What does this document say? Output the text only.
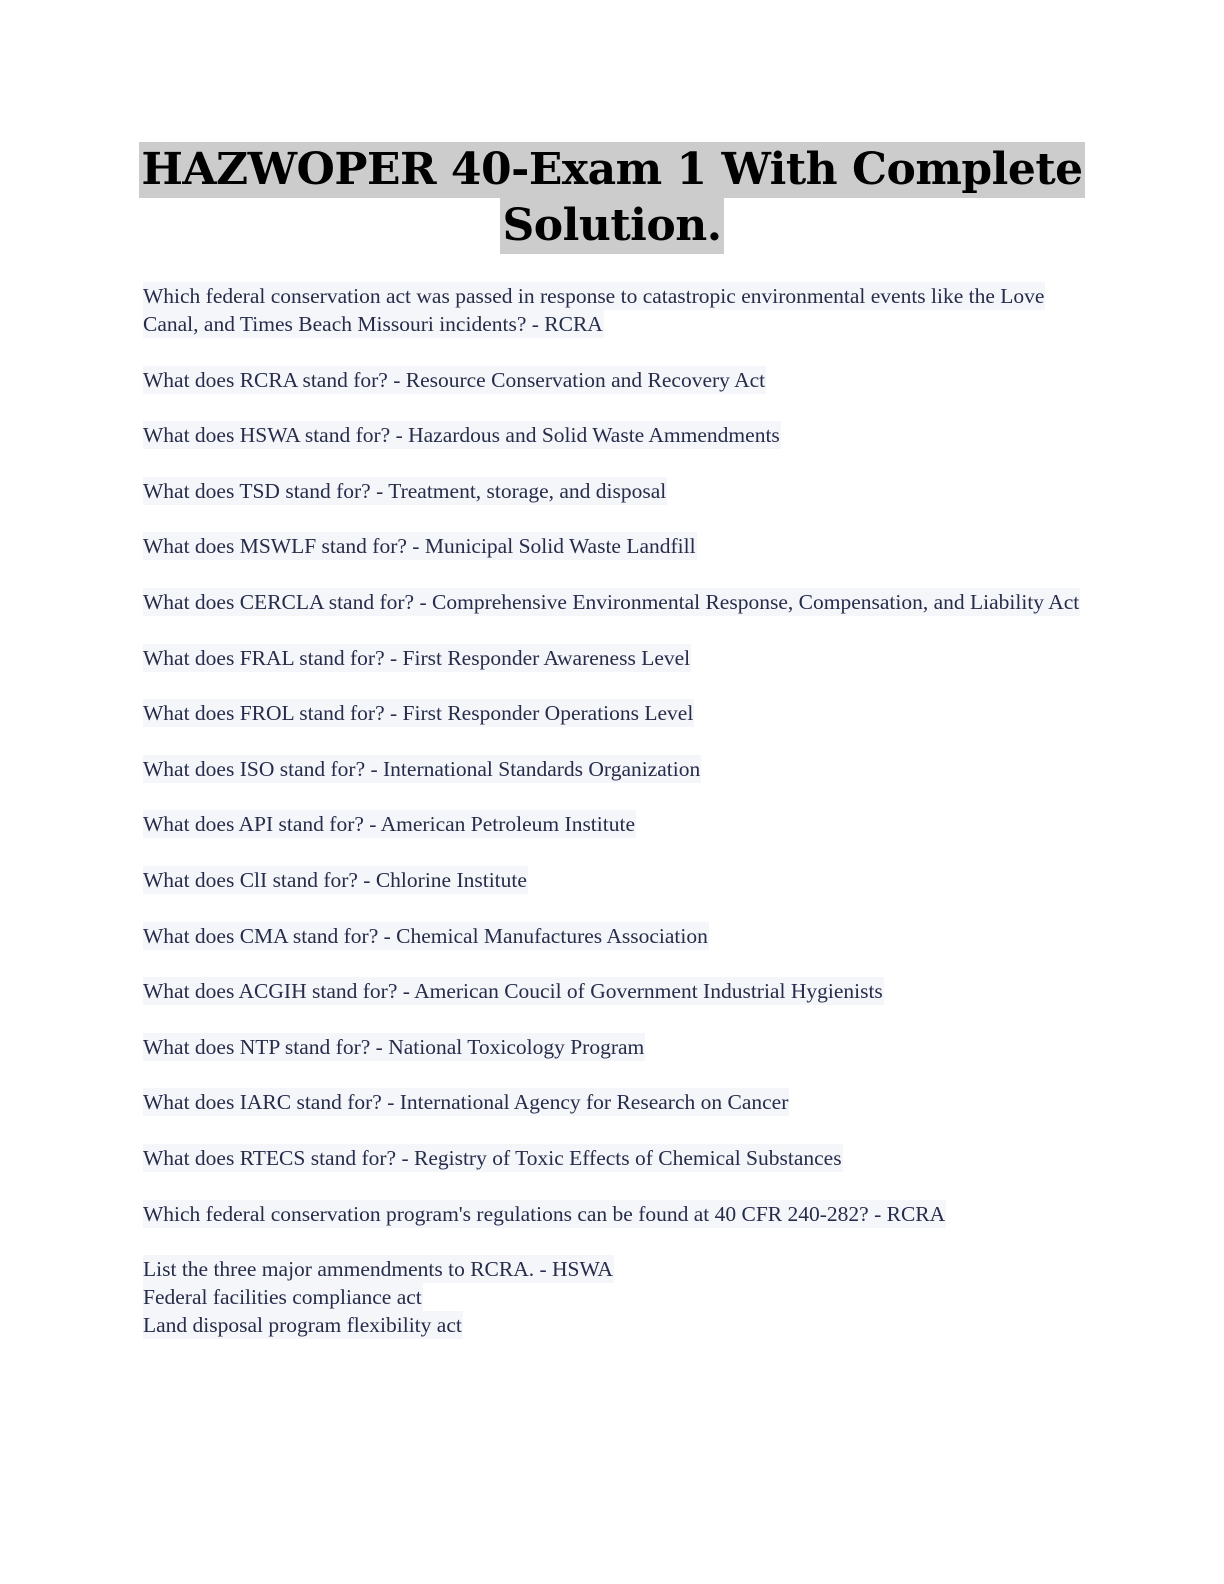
HAZWOPER 40-Exam 1 With Complete
Solution.
Which federal conservation act was passed in response to catastropic environmental events like the Love Canal, and Times Beach Missouri incidents? - RCRA
What does RCRA stand for? - Resource Conservation and Recovery Act
What does HSWA stand for? - Hazardous and Solid Waste Ammendments
What does TSD stand for? - Treatment, storage, and disposal
What does MSWLF stand for? - Municipal Solid Waste Landfill
What does CERCLA stand for? - Comprehensive Environmental Response, Compensation, and Liability Act
What does FRAL stand for? - First Responder Awareness Level
What does FROL stand for? - First Responder Operations Level
What does ISO stand for? - International Standards Organization
What does API stand for? - American Petroleum Institute
What does ClI stand for? - Chlorine Institute
What does CMA stand for? - Chemical Manufactures Association
What does ACGIH stand for? - American Coucil of Government Industrial Hygienists
What does NTP stand for? - National Toxicology Program
What does IARC stand for? - International Agency for Research on Cancer
What does RTECS stand for? - Registry of Toxic Effects of Chemical Substances
Which federal conservation program's regulations can be found at 40 CFR 240-282? - RCRA
List the three major ammendments to RCRA. - HSWA
Federal facilities compliance act
Land disposal program flexibility act
